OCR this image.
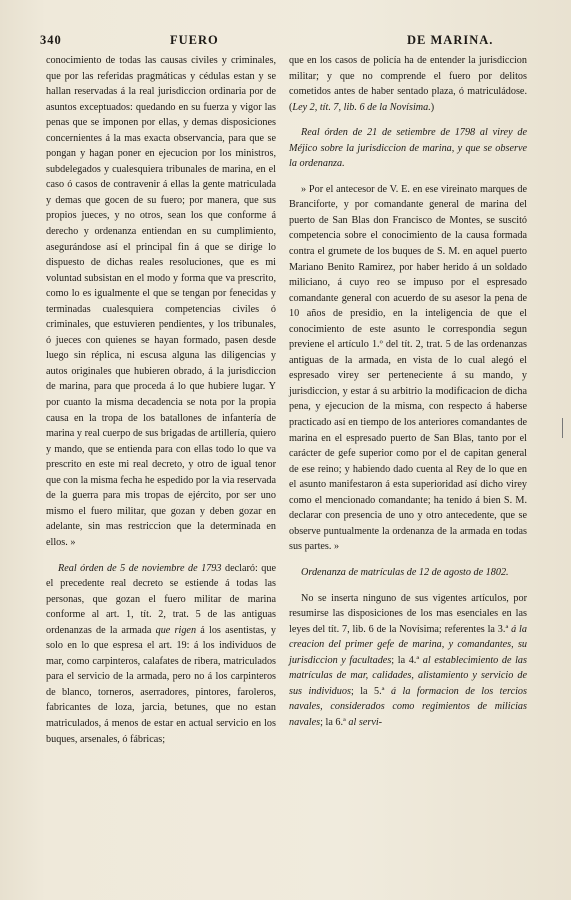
340	FUERO	DE MARINA.

conocimiento de todas las causas civiles y criminales, que por las referidas pragmáticas y cédulas estan y se hallan reservadas á la real jurisdiccion ordinaria por de asuntos exceptuados: quedando en su fuerza y vigor las penas que se imponen por ellas, y demas disposiciones concernientes á la mas exacta observancia, para que se pongan y hagan poner en ejecucion por los ministros, subdelegados y cualesquiera tribunales de marina, en el caso ó casos de contravenir á ellas la gente matriculada y demas que gocen de su fuero; por manera, que sus propios jueces, y no otros, sean los que conforme á derecho y ordenanza entiendan en su cumplimiento, asegurándose así el principal fin á que se dirige lo dispuesto de dichas reales resoluciones, que es mi voluntad subsistan en el modo y forma que va prescrito, como lo es igualmente el que se tengan por fenecidas y terminadas cualesquiera competencias civiles ó criminales, que estuvieren pendientes, y los tribunales, ó jueces con quienes se hayan formado, pasen desde luego sin réplica, ni escusa alguna las diligencias y autos originales que hubieren obrado, á la jurisdiccion de marina, para que proceda á lo que hubiere lugar. Y por cuanto la misma decadencia se nota por la propia causa en la tropa de los batallones de infantería de marina y real cuerpo de sus brigadas de artillería, quiero y mando, que se entienda para con ellas todo lo que va prescrito en este mi real decreto, y otro de igual tenor que con la misma fecha he espedido por la via reservada de la guerra para mis tropas de ejército, por ser uno mismo el fuero militar, que gozan y deben gozar en adelante, sin mas restriccion que la determinada en ellos. »

Real órden de 5 de noviembre de 1793 declaró: que el precedente real decreto se estiende á todas las personas, que gozan el fuero militar de marina conforme al art. 1, tít. 2, trat. 5 de las antiguas ordenanzas de la armada que rigen á los asentistas, y solo en lo que espresa el art. 19: á los individuos de mar, como carpinteros, calafates de ribera, matriculados para el servicio de la armada, pero no á los carpinteros de blanco, torneros, aserradores, pintores, faroleros, fabricantes de loza, jarcia, betunes, que no estan matriculados, á menos de estar en actual servicio en los buques, arsenales, ó fábricas;

que en los casos de policía ha de entender la jurisdiccion militar; y que no comprende el fuero por delitos cometidos antes de haber sentado plaza, ó matriculádose. (Ley 2, tít. 7, lib. 6 de la Novísima.)

Real órden de 21 de setiembre de 1798 al virey de Méjico sobre la jurisdiccion de marina, y que se observe la ordenanza.

» Por el antecesor de V. E. en ese vireinato marques de Branciforte, y por comandante general de marina del puerto de San Blas don Francisco de Montes, se suscitó competencia sobre el conocimiento de la causa formada contra el grumete de los buques de S. M. en aquel puerto Mariano Benito Ramirez, por haber herido á un soldado miliciano, á cuyo reo se impuso por el espresado comandante general con acuerdo de su asesor la pena de 10 años de presidio, en la inteligencia de que el conocimiento de este asunto le correspondia segun previene el artículo 1.º del tít. 2, trat. 5 de las ordenanzas antiguas de la armada, en vista de lo cual alegó el espresado virey ser perteneciente á su mando, y jurisdiccion, y estar á su arbitrio la modificacion de dicha pena, y ejecucion de la misma, con respecto á haberse practicado así en tiempo de los anteriores comandantes de marina en el espresado puerto de San Blas, tanto por el carácter de gefe superior como por el de capitan general de ese reino; y habiendo dado cuenta al Rey de lo que en el asunto manifestaron á esta superioridad así dicho virey como el mencionado comandante; ha tenido á bien S. M. declarar con presencia de uno y otro antecedente, que se observe puntualmente la ordenanza de la armada en todas sus partes. »

Ordenanza de matrículas de 12 de agosto de 1802.

No se inserta ninguno de sus vigentes artículos, por resumirse las disposiciones de los mas esenciales en las leyes del tít. 7, lib. 6 de la Novísima; referentes la 3.ª á la creacion del primer gefe de marina, y comandantes, su jurisdiccion y facultades; la 4.ª al establecimiento de las matrículas de mar, calidades, alistamiento y servicio de sus individuos; la 5.ª á la formacion de los tercios navales, considerados como regimientos de milicias navales; la 6.ª al servi-
